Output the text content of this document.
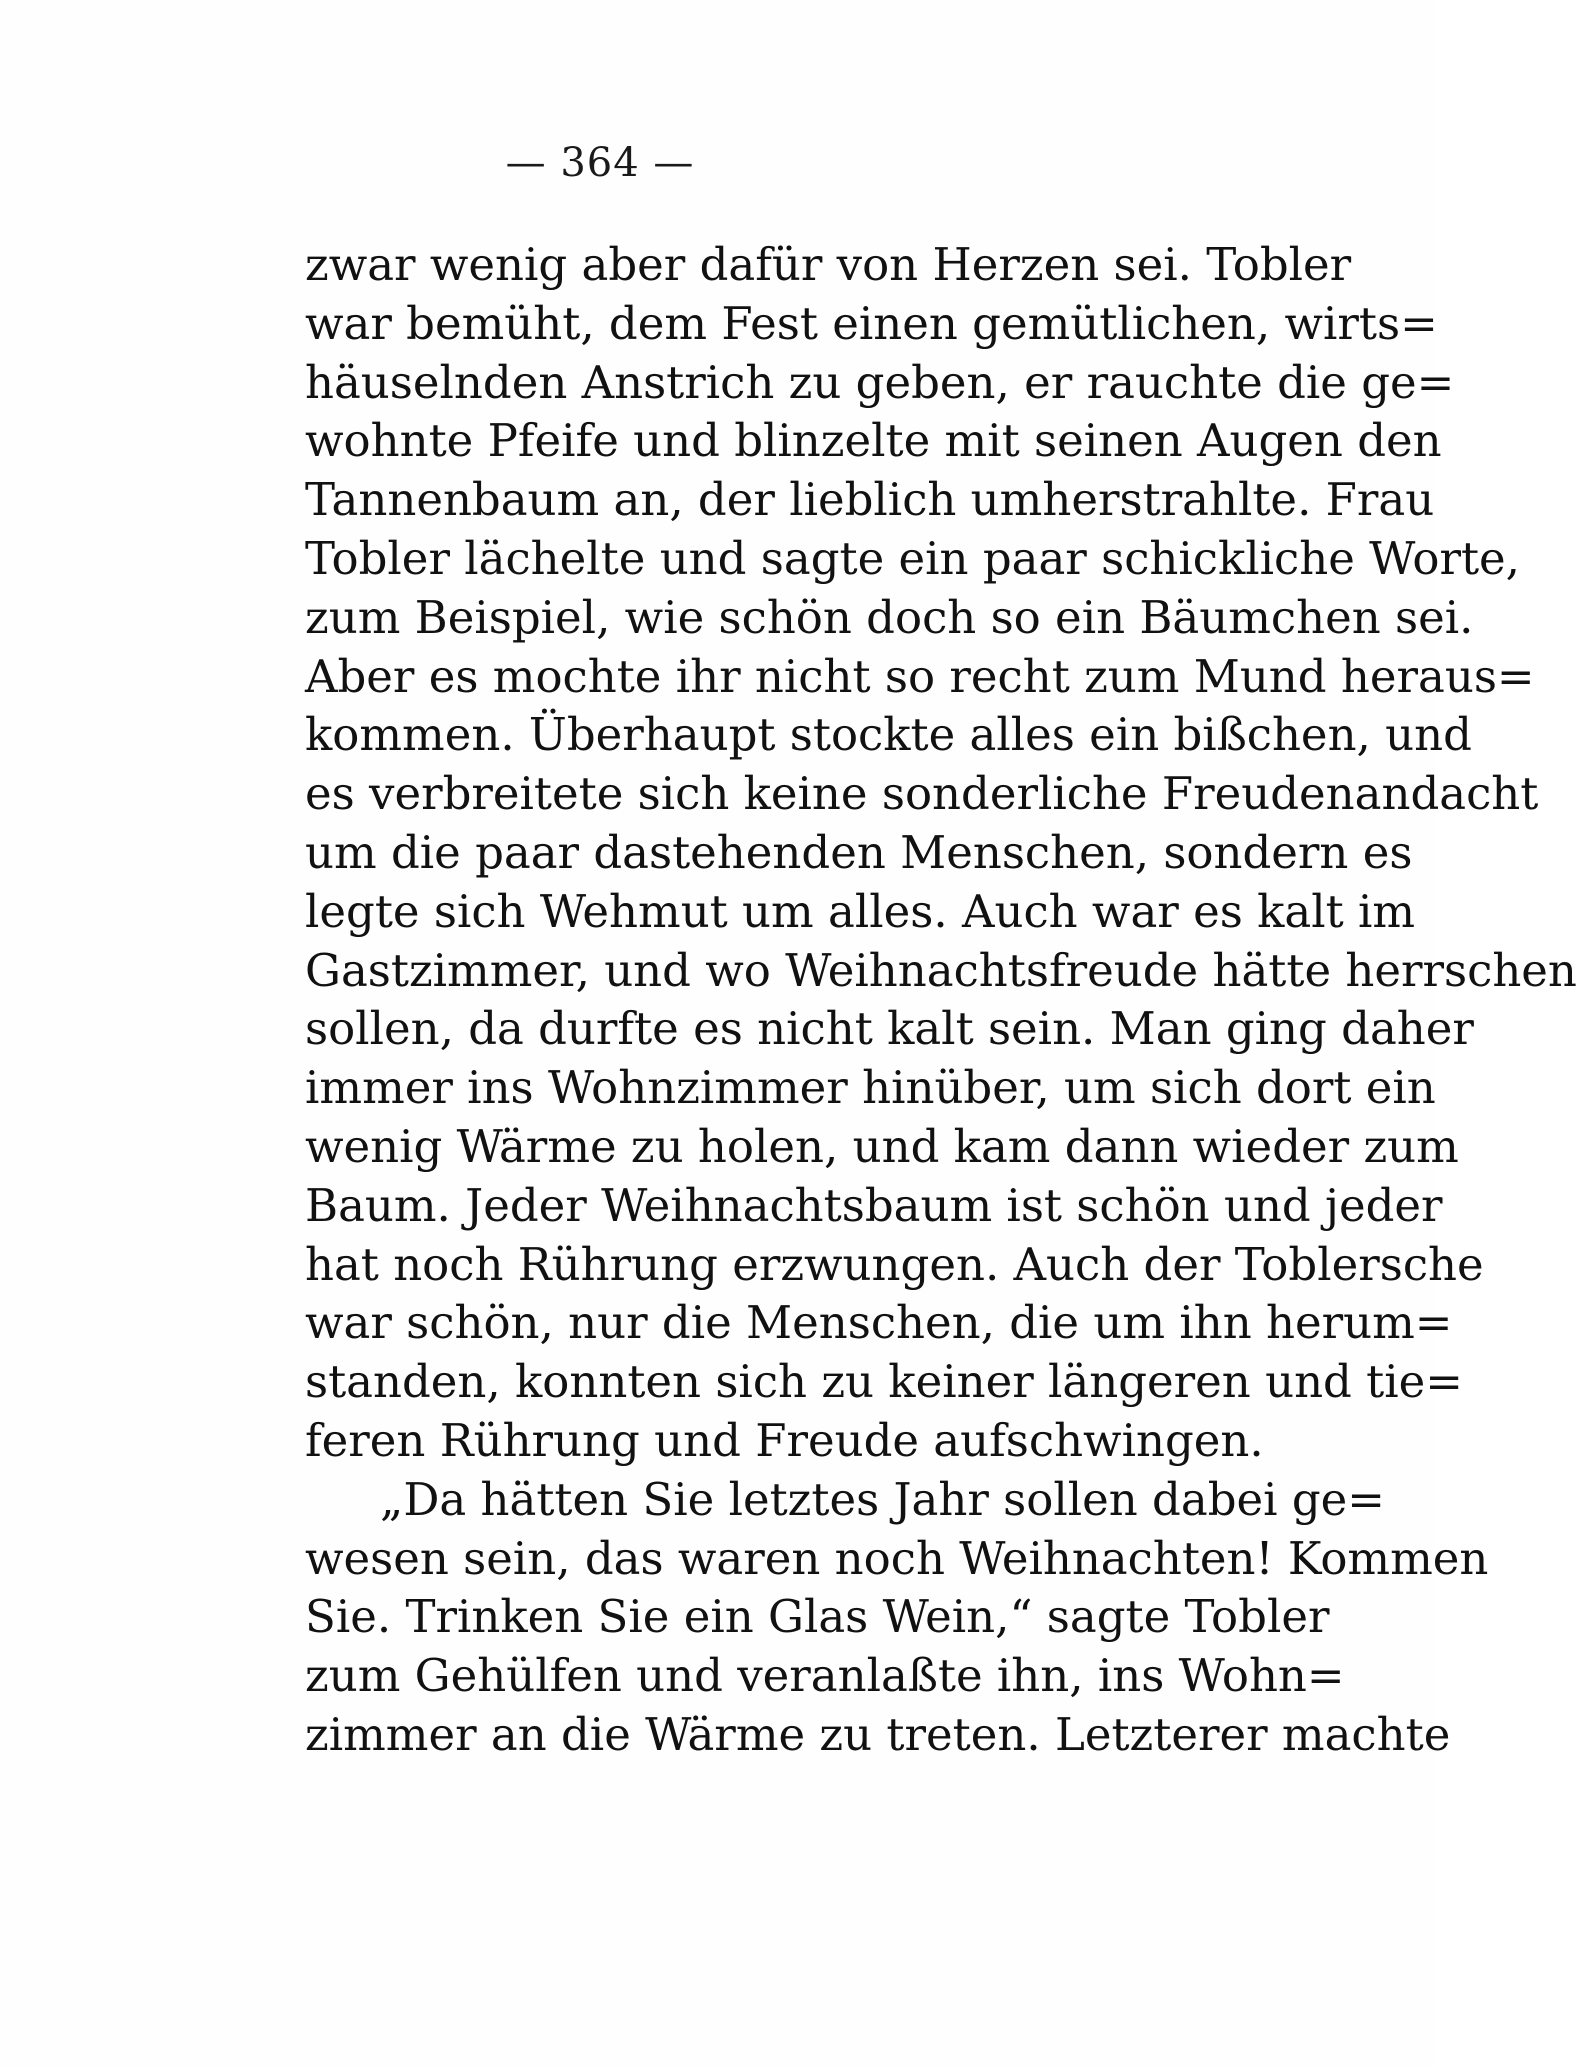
— 364 —
zwar wenig aber dafür von Herzen sei. Tobler
war bemüht, dem Fest einen gemütlichen, wirts=
häuselnden Anstrich zu geben, er rauchte die ge=
wohnte Pfeife und blinzelte mit seinen Augen den
Tannenbaum an, der lieblich umherstrahlte. Frau
Tobler lächelte und sagte ein paar schickliche Worte,
zum Beispiel, wie schön doch so ein Bäumchen sei.
Aber es mochte ihr nicht so recht zum Mund heraus=
kommen. Überhaupt stockte alles ein bißchen, und
es verbreitete sich keine sonderliche Freudenandacht
um die paar dastehenden Menschen, sondern es
legte sich Wehmut um alles. Auch war es kalt im
Gastzimmer, und wo Weihnachtsfreude hätte herrschen
sollen, da durfte es nicht kalt sein. Man ging daher
immer ins Wohnzimmer hinüber, um sich dort ein
wenig Wärme zu holen, und kam dann wieder zum
Baum. Jeder Weihnachtsbaum ist schön und jeder
hat noch Rührung erzwungen. Auch der Toblersche
war schön, nur die Menschen, die um ihn herum=
standen, konnten sich zu keiner längeren und tie=
feren Rührung und Freude aufschwingen.
„Da hätten Sie letztes Jahr sollen dabei ge=
wesen sein, das waren noch Weihnachten! Kommen
Sie. Trinken Sie ein Glas Wein,“ sagte Tobler
zum Gehülfen und veranlaßte ihn, ins Wohn=
zimmer an die Wärme zu treten. Letzterer machte
